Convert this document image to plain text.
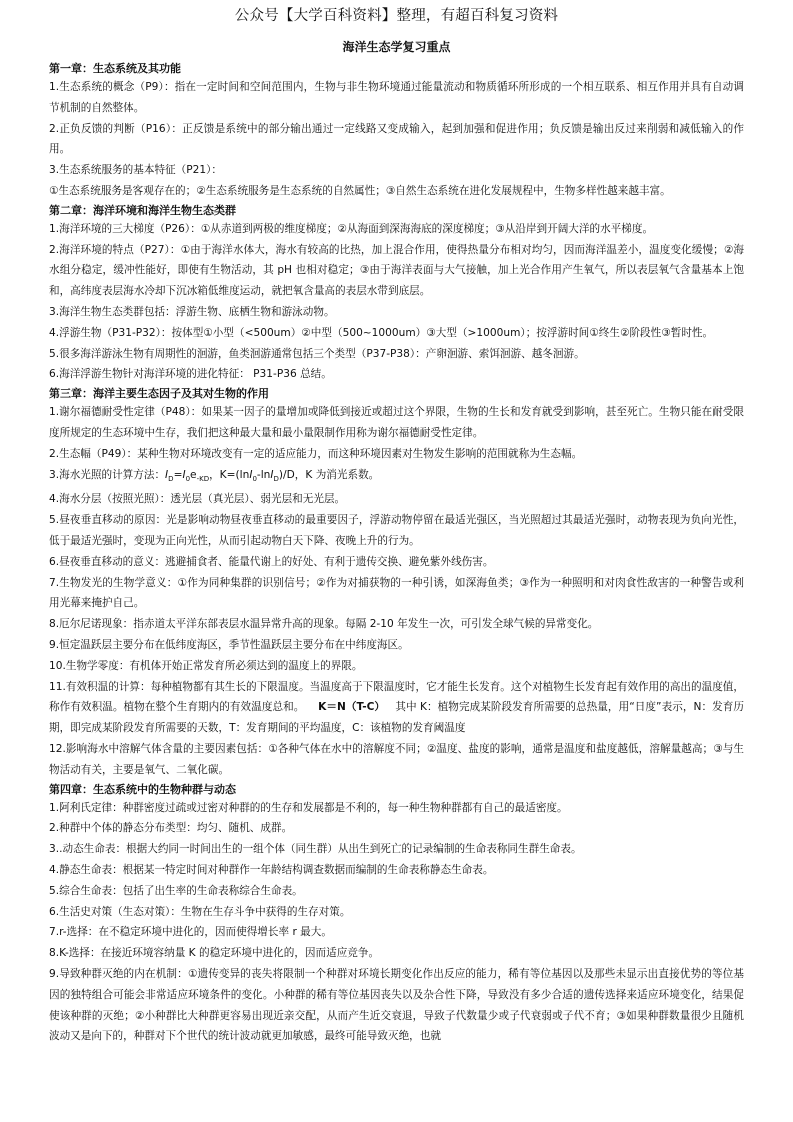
公众号【大学百科资料】整理，有超百科复习资料
海洋生态学复习重点
第一章：生态系统及其功能

1.生态系统的概念（P9）：指在一定时间和空间范围内，生物与非生物环境通过能量流动和物质循环所形成的一个相互联系、相互作用并具有自动调节机制的自然整体。

2.正负反馈的判断（P16）：正反馈是系统中的部分输出通过一定线路又变成输入，起到加强和促进作用；负反馈是输出反过来削弱和减低输入的作用。

3.生态系统服务的基本特征（P21）：

①生态系统服务是客观存在的；②生态系统服务是生态系统的自然属性；③自然生态系统在进化发展规程中，生物多样性越来越丰富。

第二章：海洋环境和海洋生物生态类群

1.海洋环境的三大梯度（P26）：①从赤道到两极的维度梯度；②从海面到深海海底的深度梯度；③从沿岸到开阔大洋的水平梯度。

2.海洋环境的特点（P27）：①由于海洋水体大，海水有较高的比热，加上混合作用，使得热量分布相对均匀，因而海洋温差小，温度变化缓慢；②海水组分稳定，缓冲性能好，即使有生物活动，其 pH 也相对稳定；③由于海洋表面与大气接触，加上光合作用产生氧气，所以表层氧气含量基本上饱和，高纬度表层海水冷却下沉冰箱低维度运动，就把氧含量高的表层水带到底层。

3.海洋生物生态类群包括：浮游生物、底栖生物和游泳动物。

4.浮游生物（P31-P32）：按体型①小型（<500um）②中型（500~1000um）③大型（>1000um）；按浮游时间①终生②阶段性③暂时性。

5.很多海洋游泳生物有周期性的洄游，鱼类洄游通常包括三个类型（P37-P38）：产卵洄游、索饵洄游、越冬洄游。

6.海洋浮游生物针对海洋环境的进化特征： P31-P36 总结。

第三章：海洋主要生态因子及其对生物的作用

1.谢尔福德耐受性定律（P48）：如果某一因子的量增加或降低到接近或超过这个界限，生物的生长和发育就受到影响，甚至死亡。生物只能在耐受限度所规定的生态环境中生存，我们把这种最大量和最小量限制作用称为谢尔福德耐受性定律。

2.生态幅（P49）：某种生物对环境改变有一定的适应能力，而这种环境因素对生物发生影响的范围就称为生态幅。

3.海水光照的计算方法：$I_D=I_0e_{-KD}$，K=(lnI$_0$-lnI$_D$)/D，K 为消光系数。

4.海水分层（按照光照）：透光层（真光层）、弱光层和无光层。

5.昼夜垂直移动的原因：光是影响动物昼夜垂直移动的最重要因子，浮游动物停留在最适光强区，当光照超过其最适光强时，动物表现为负向光性，低于最适光强时，变现为正向光性，从而引起动物白天下降、夜晚上升的行为。

6.昼夜垂直移动的意义：逃避捕食者、能量代谢上的好处、有利于遗传交换、避免紫外线伤害。

7.生物发光的生物学意义：①作为同种集群的识别信号；②作为对捕获物的一种引诱，如深海鱼类；③作为一种照明和对肉食性敌害的一种警告或利用光幕来掩护自己。

8.厄尔尼诺现象：指赤道太平洋东部表层水温异常升高的现象。每隔 2-10 年发生一次，可引发全球气候的异常变化。

9.恒定温跃层主要分布在低纬度海区，季节性温跃层主要分布在中纬度海区。

10.生物学零度：有机体开始正常发育所必须达到的温度上的界限。

11.有效积温的计算：每种植物都有其生长的下限温度。当温度高于下限温度时，它才能生长发育。这个对植物生长发育起有效作用的高出的温度值，称作有效积温。植物在整个生育期内的有效温度总和。 K＝N（T-C） 其中 K：植物完成某阶段发育所需要的总热量，用“日度”表示，N：发育历期，即完成某阶段发育所需要的天数，T：发育期间的平均温度，C：该植物的发育阈温度

12.影响海水中溶解气体含量的主要因素包括：①各种气体在水中的溶解度不同；②温度、盐度的影响，通常是温度和盐度越低，溶解量越高；③与生物活动有关，主要是氧气、二氧化碳。

第四章：生态系统中的生物种群与动态

1.阿利氏定律：种群密度过疏或过密对种群的的生存和发展都是不利的，每一种生物种群都有自己的最适密度。

2.种群中个体的静态分布类型：均匀、随机、成群。

3..动态生命表：根据大约同一时间出生的一组个体（同生群）从出生到死亡的记录编制的生命表称同生群生命表。

4.静态生命表：根据某一特定时间对种群作一年龄结构调查数据而编制的生命表称静态生命表。

5.综合生命表：包括了出生率的生命表称综合生命表。

6.生活史对策（生态对策）：生物在生存斗争中获得的生存对策。

7.r-选择：在不稳定环境中进化的，因而使得增长率 r 最大。

8.K-选择：在接近环境容纳量 K 的稳定环境中进化的，因而适应竞争。

9.导致种群灭绝的内在机制：①遗传变异的丧失将限制一个种群对环境长期变化作出反应的能力，稀有等位基因以及那些未显示出直接优势的等位基因的独特组合可能会非常适应环境条件的变化。小种群的稀有等位基因丧失以及杂合性下降，导致没有多少合适的遗传选择来适应环境变化，结果促使该种群的灭绝；②小种群比大种群更容易出现近亲交配，从而产生近交衰退，导致子代数量少或子代衰弱或子代不育；③如果种群数量很少且随机波动又是向下的，种群对下个世代的统计波动就更加敏感，最终可能导致灭绝，也就
